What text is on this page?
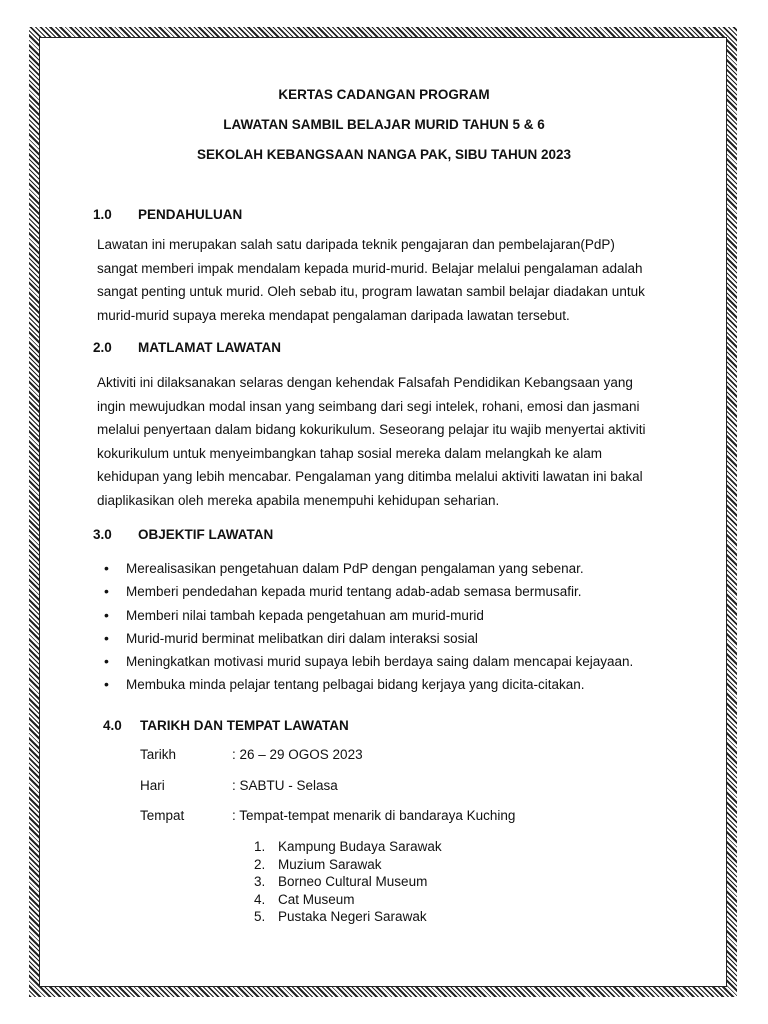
KERTAS CADANGAN PROGRAM
LAWATAN SAMBIL BELAJAR MURID TAHUN 5 & 6
SEKOLAH KEBANGSAAN NANGA PAK, SIBU TAHUN 2023
1.0 PENDAHULUAN
Lawatan ini merupakan salah satu daripada teknik pengajaran dan pembelajaran(PdP)
sangat memberi impak mendalam kepada murid-murid. Belajar melalui pengalaman adalah
sangat penting untuk murid. Oleh sebab itu, program lawatan sambil belajar diadakan untuk
murid-murid supaya mereka mendapat pengalaman daripada lawatan tersebut.
2.0 MATLAMAT LAWATAN
Aktiviti ini dilaksanakan selaras dengan kehendak Falsafah Pendidikan Kebangsaan yang
ingin mewujudkan modal insan yang seimbang dari segi intelek, rohani, emosi dan jasmani
melalui penyertaan dalam bidang kokurikulum. Seseorang pelajar itu wajib menyertai aktiviti
kokurikulum untuk menyeimbangkan tahap sosial mereka dalam melangkah ke alam
kehidupan yang lebih mencabar. Pengalaman yang ditimba melalui aktiviti lawatan ini bakal
diaplikasikan oleh mereka apabila menempuhi kehidupan seharian.
3.0 OBJEKTIF LAWATAN
• Merealisasikan pengetahuan dalam PdP dengan pengalaman yang sebenar.
• Memberi pendedahan kepada murid tentang adab-adab semasa bermusafir.
• Memberi nilai tambah kepada pengetahuan am murid-murid
• Murid-murid berminat melibatkan diri dalam interaksi sosial
• Meningkatkan motivasi murid supaya lebih berdaya saing dalam mencapai kejayaan.
• Membuka minda pelajar tentang pelbagai bidang kerjaya yang dicita-citakan.
4.0 TARIKH DAN TEMPAT LAWATAN
Tarikh	: 26 – 29 OGOS 2023
Hari	: SABTU - Selasa
Tempat	: Tempat-tempat menarik di bandaraya Kuching
1. Kampung Budaya Sarawak
2. Muzium Sarawak
3. Borneo Cultural Museum
4. Cat Museum
5. Pustaka Negeri Sarawak
